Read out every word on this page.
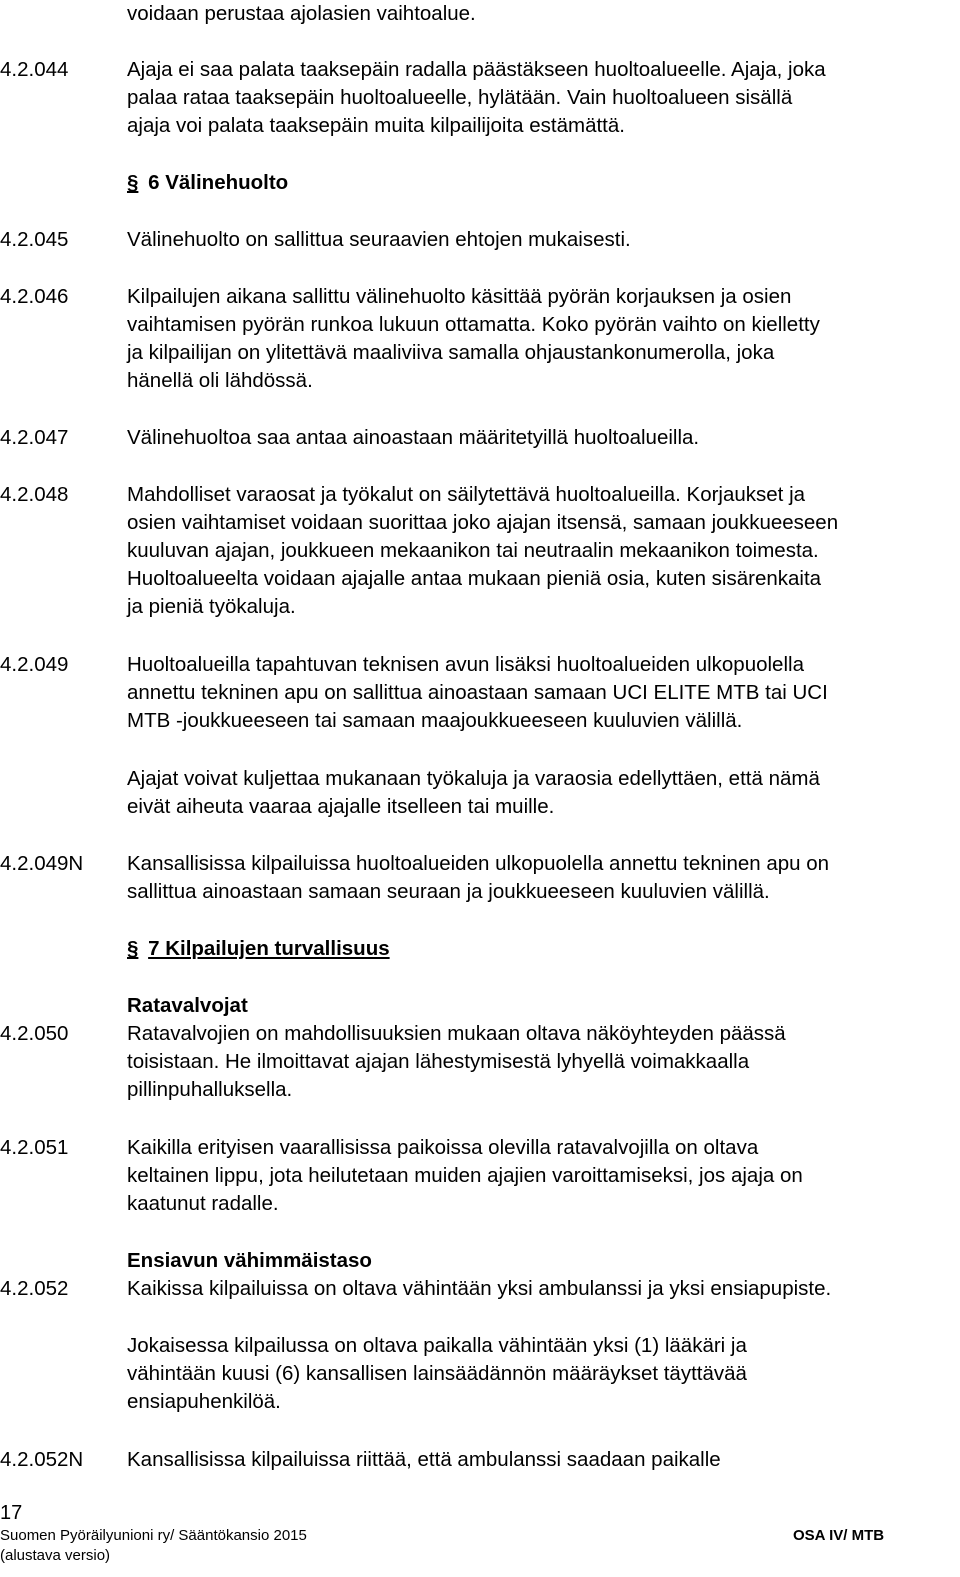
voidaan perustaa ajolasien vaihtoalue.
4.2.044	Ajaja ei saa palata taaksepäin radalla päästäkseen huoltoalueelle. Ajaja, joka
palaa rataa taaksepäin huoltoalueelle, hylätään. Vain huoltoalueen sisällä
ajaja voi palata taaksepäin muita kilpailijoita estämättä.
§ 6 Välinehuolto
4.2.045	Välinehuolto on sallittua seuraavien ehtojen mukaisesti.
4.2.046	Kilpailujen aikana sallittu välinehuolto käsittää pyörän korjauksen ja osien
vaihtamisen pyörän runkoa lukuun ottamatta. Koko pyörän vaihto on kielletty
ja kilpailijan on ylitettävä maaliviiva samalla ohjaustankonumerolla, joka
hänellä oli lähdössä.
4.2.047	Välinehuoltoa saa antaa ainoastaan määritetyillä huoltoalueilla.
4.2.048	Mahdolliset varaosat ja työkalut on säilytettävä huoltoalueilla. Korjaukset ja
osien vaihtamiset voidaan suorittaa joko ajajan itsensä, samaan joukkueeseen
kuuluvan ajajan, joukkueen mekaanikon tai neutraalin mekaanikon toimesta.
Huoltoalueelta voidaan ajajalle antaa mukaan pieniä osia, kuten sisärenkaita
ja pieniä työkaluja.
4.2.049	Huoltoalueilla tapahtuvan teknisen avun lisäksi huoltoalueiden ulkopuolella
annettu tekninen apu on sallittua ainoastaan samaan UCI ELITE MTB tai UCI
MTB -joukkueeseen tai samaan maajoukkueeseen kuuluvien välillä.
Ajajat voivat kuljettaa mukanaan työkaluja ja varaosia edellyttäen, että nämä
eivät aiheuta vaaraa ajajalle itselleen tai muille.
4.2.049N Kansallisissa kilpailuissa huoltoalueiden ulkopuolella annettu tekninen apu on
sallittua ainoastaan samaan seuraan ja joukkueeseen kuuluvien välillä.
§ 7 Kilpailujen turvallisuus
Ratavalvojat
4.2.050	Ratavalvojien on mahdollisuuksien mukaan oltava näköyhteyden päässä
toisistaan. He ilmoittavat ajajan lähestymisestä lyhyellä voimakkaalla
pillinpuhalluksella.
4.2.051	Kaikilla erityisen vaarallisissa paikoissa olevilla ratavalvojilla on oltava
keltainen lippu, jota heilutetaan muiden ajajien varoittamiseksi, jos ajaja on
kaatunut radalle.
Ensiavun vähimmäistaso
4.2.052	Kaikissa kilpailuissa on oltava vähintään yksi ambulanssi ja yksi ensiapupiste.
Jokaisessa kilpailussa on oltava paikalla vähintään yksi (1) lääkäri ja
vähintään kuusi (6) kansallisen lainsäädännön määräykset täyttävää
ensiapuhenkilöä.
4.2.052N Kansallisissa kilpailuissa riittää, että ambulanssi saadaan paikalle
17
Suomen Pyöräilyunioni ry/ Sääntökansio 2015	OSA IV/ MTB
(alustava versio)
